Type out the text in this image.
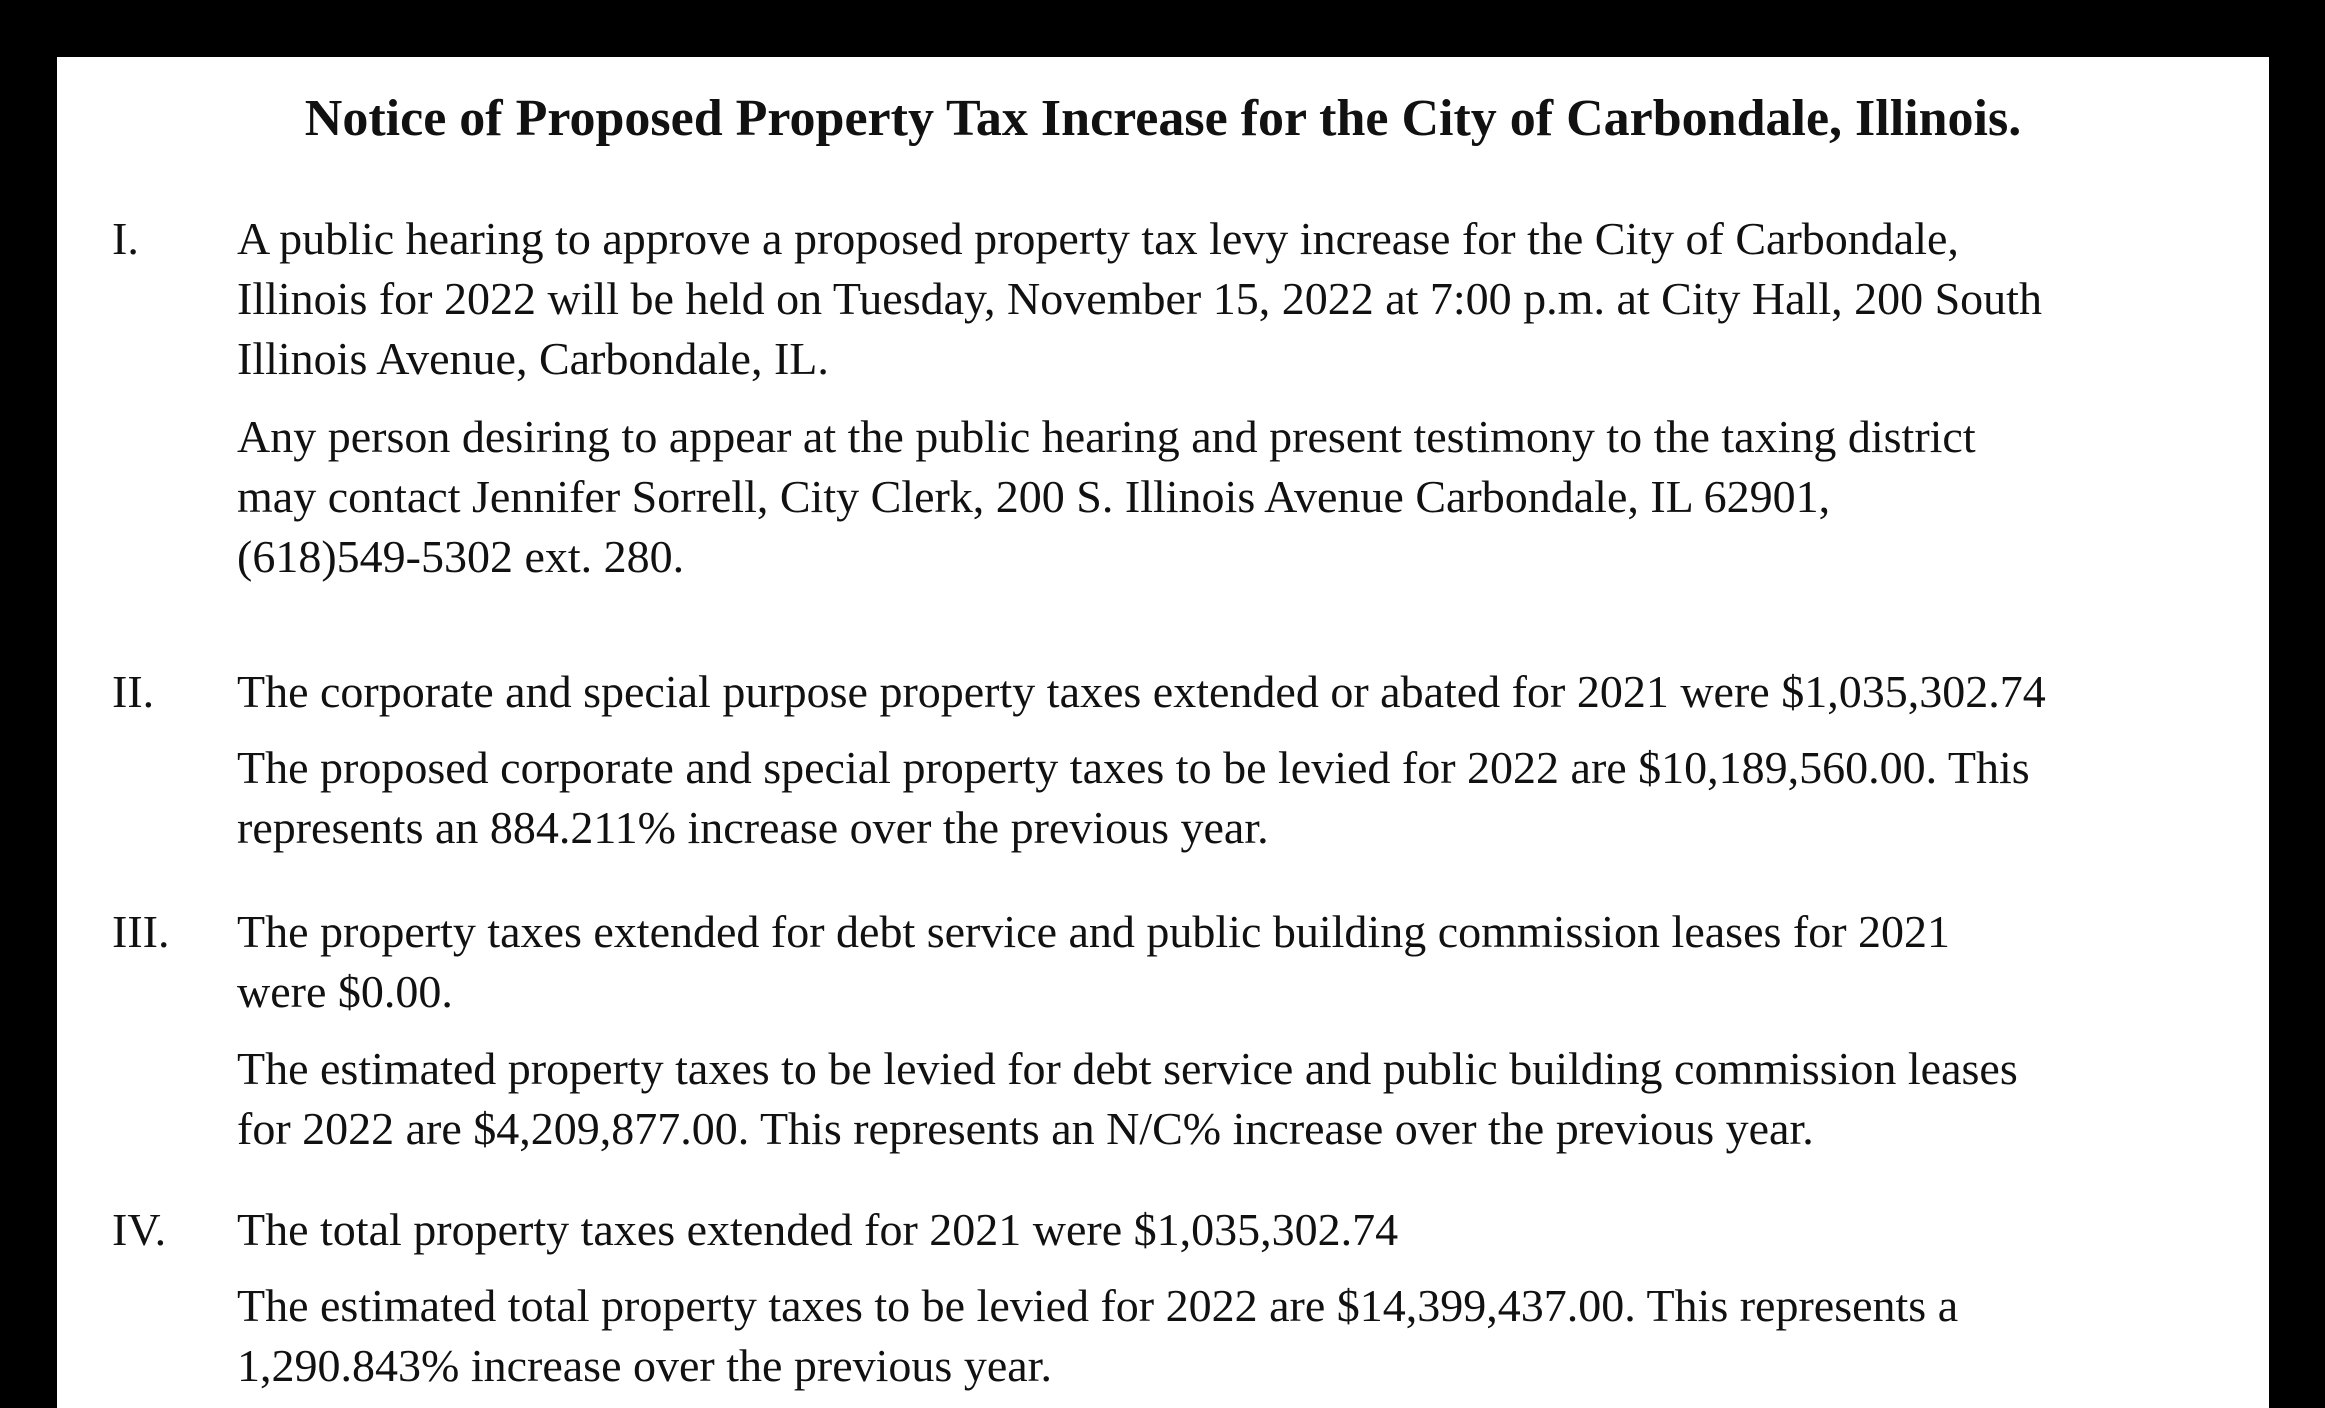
Notice of Proposed Property Tax Increase for the City of Carbondale, Illinois.
I. A public hearing to approve a proposed property tax levy increase for the City of Carbondale,
Illinois for 2022 will be held on Tuesday, November 15, 2022 at 7:00 p.m. at City Hall, 200 South
Illinois Avenue, Carbondale, IL.

Any person desiring to appear at the public hearing and present testimony to the taxing district
may contact Jennifer Sorrell, City Clerk, 200 S. Illinois Avenue Carbondale, IL 62901,
(618)549-5302 ext. 280.

II. The corporate and special purpose property taxes extended or abated for 2021 were $1,035,302.74

The proposed corporate and special property taxes to be levied for 2022 are $10,189,560.00. This
represents an 884.211% increase over the previous year.

III. The property taxes extended for debt service and public building commission leases for 2021
were $0.00.

The estimated property taxes to be levied for debt service and public building commission leases
for 2022 are $4,209,877.00. This represents an N/C% increase over the previous year.

IV. The total property taxes extended for 2021 were $1,035,302.74

The estimated total property taxes to be levied for 2022 are $14,399,437.00. This represents a
1,290.843% increase over the previous year.
